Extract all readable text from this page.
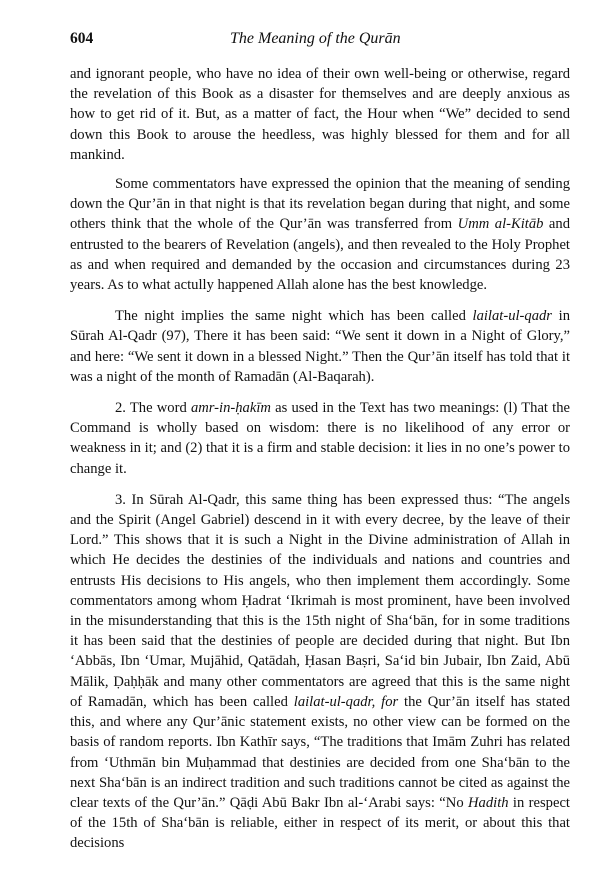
604	The Meaning of the Qurān

and ignorant people, who have no idea of their own well-being or otherwise, regard the revelation of this Book as a disaster for themselves and are deeply anxious as how to get rid of it. But, as a matter of fact, the Hour when “We” decided to send down this Book to arouse the heedless, was highly blessed for them and for all mankind.

Some commentators have expressed the opinion that the meaning of sending down the Qur’ān in that night is that its revelation began during that night, and some others think that the whole of the Qur’ān was transferred from Umm al-Kitāb and entrusted to the bearers of Revelation (angels), and then revealed to the Holy Prophet as and when required and demanded by the occasion and circumstances during 23 years. As to what actully happened Allah alone has the best knowledge.

The night implies the same night which has been called lailat-ul-qadr in Sūrah Al-Qadr (97), There it has been said: “We sent it down in a Night of Glory,” and here: “We sent it down in a blessed Night.” Then the Qur’ān itself has told that it was a night of the month of Ramadān (Al-Baqarah).

2. The word amr-in-ḥakīm as used in the Text has two meanings: (l) That the Command is wholly based on wisdom: there is no likelihood of any error or weakness in it; and (2) that it is a firm and stable decision: it lies in no one’s power to change it.

3. In Sūrah Al-Qadr, this same thing has been expressed thus: “The angels and the Spirit (Angel Gabriel) descend in it with every decree, by the leave of their Lord.” This shows that it is such a Night in the Divine administration of Allah in which He decides the destinies of the individuals and nations and countries and entrusts His decisions to His angels, who then implement them accordingly. Some commentators among whom Ḥadrat ‘Ikrimah is most prominent, have been involved in the misunderstanding that this is the 15th night of Sha‘bān, for in some traditions it has been said that the destinies of people are decided during that night. But Ibn ‘Abbās, Ibn ‘Umar, Mujāhid, Qatādah, Ḥasan Baṣri, Sa‘id bin Jubair, Ibn Zaid, Abū Mālik, Ḍaḥḥāk and many other commentators are agreed that this is the same night of Ramadān, which has been called lailat-ul-qadr, for the Qur’ān itself has stated this, and where any Qur’ānic statement exists, no other view can be formed on the basis of random reports. Ibn Kathīr says, “The traditions that Imām Zuhri has related from ‘Uthmān bin Muḥammad that destinies are decided from one Sha‘bān to the next Sha‘bān is an indirect tradition and such traditions cannot be cited as against the clear texts of the Qur’ān.” Qāḍi Abū Bakr Ibn al-‘Arabi says: “No Hadith in respect of the 15th of Sha‘bān is reliable, either in respect of its merit, or about this that decisions
